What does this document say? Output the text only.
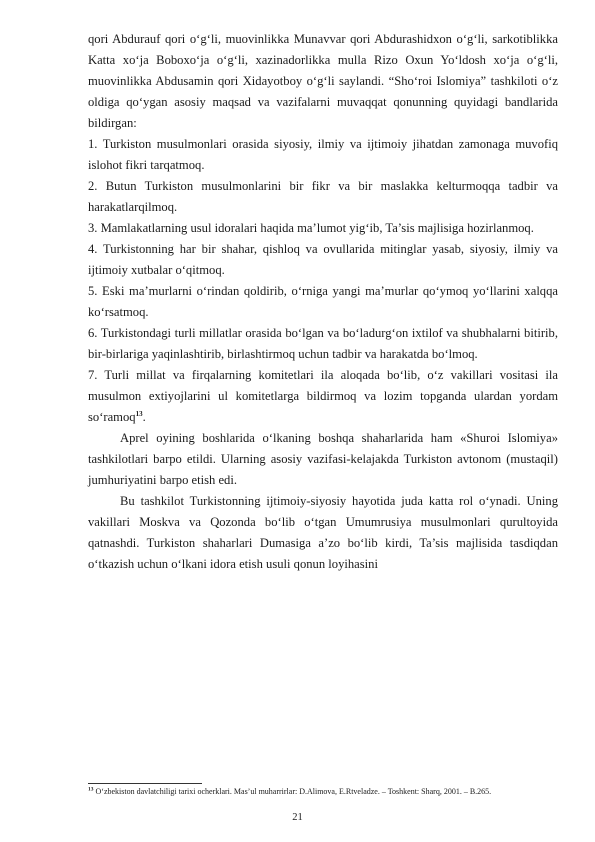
qori Abdurauf qori o‘g‘li, muovinlikka Munavvar qori Abdurashidxon o‘g‘li, sarkotiblikka Katta xo‘ja Boboxo‘ja o‘g‘li, xazinadorlikka mulla Rizo Oxun Yo‘ldosh xo‘ja o‘g‘li, muovinlikka Abdusamin qori Xidayotboy o‘g‘li saylandi. “Sho‘roi Islomiya” tashkiloti o‘z oldiga qo‘ygan asosiy maqsad va vazifalarni muvaqqat qonunning quyidagi bandlarida bildirgan:

1. Turkiston musulmonlari orasida siyosiy, ilmiy va ijtimoiy jihatdan zamonaga muvofiq islohot fikri tarqatmoq.

2. Butun Turkiston musulmonlarini bir fikr va bir maslakka kelturmoqqa tadbir va harakatlarqilmoq.

3. Mamlakatlarning usul idoralari haqida ma’lumot yig‘ib, Ta’sis majlisiga hozirlanmoq.

4. Turkistonning har bir shahar, qishloq va ovullarida mitinglar yasab, siyosiy, ilmiy va ijtimoiy xutbalar o‘qitmoq.

5. Eski ma’murlarni o‘rindan qoldirib, o‘rniga yangi ma’murlar qo‘ymoq yo‘llarini xalqqa ko‘rsatmoq.

6. Turkistondagi turli millatlar orasida bo‘lgan va bo‘ladurg‘on ixtilof va shubhalarni bitirib, bir-birlariga yaqinlashtirib, birlashtirmoq uchun tadbir va harakatda bo‘lmoq.

7. Turli millat va firqalarning komitetlari ila aloqada bo‘lib, o‘z vakillari vositasi ila musulmon extiyojlarini ul komitetlarga bildirmoq va lozim topganda ulardan yordam so‘ramoq$^{13}$.

Aprel oyining boshlarida o‘lkaning boshqa shaharlarida ham «Shuroi Islomiya» tashkilotlari barpo etildi. Ularning asosiy vazifasi-kelajakda Turkiston avtonom (mustaqil) jumhuriyatini barpo etish edi.

Bu tashkilot Turkistonning ijtimoiy-siyosiy hayotida juda katta rol o‘ynadi. Uning vakillari Moskva va Qozonda bo‘lib o‘tgan Umumrusiya musulmonlari qurultoyida qatnashdi. Turkiston shaharlari Dumasiga a’zo bo‘lib kirdi, Ta’sis majlisida tasdiqdan o‘tkazish uchun o‘lkani idora etish usuli qonun loyihasini

$^{13}$ O‘zbekiston davlatchiligi tarixi ocherklari. Mas’ul muharrirlar: D.Alimova, E.Rtveladze. – Toshkent: Sharq, 2001. – B.265.
21
